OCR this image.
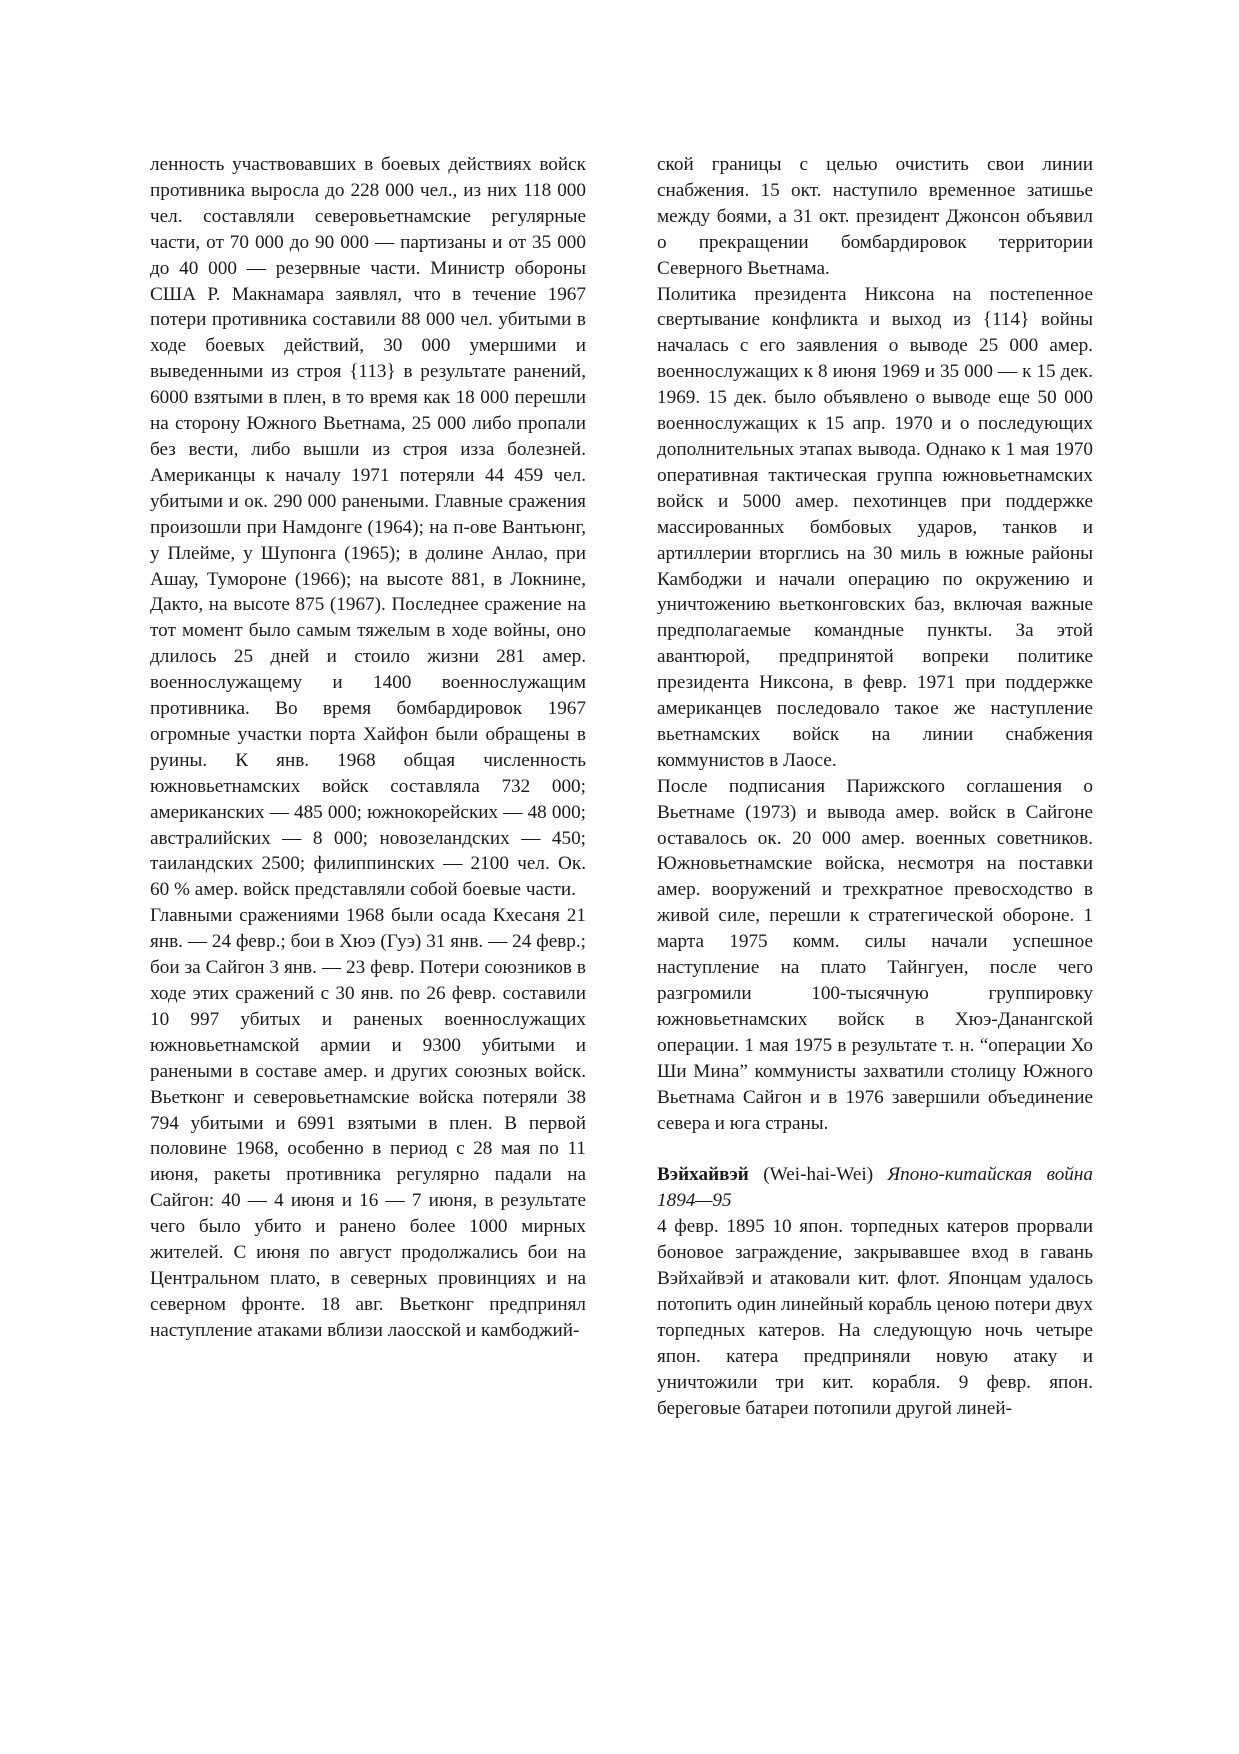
ленность участвовавших в боевых действиях войск противника выросла до 228 000 чел., из них 118 000 чел. составляли северовьетнамские регулярные части, от 70 000 до 90 000 — партизаны и от 35 000 до 40 000 — резервные части. Министр обороны США Р. Макнамара заявлял, что в течение 1967 потери противника составили 88 000 чел. убитыми в ходе боевых действий, 30 000 умершими и выведенными из строя {113} в результате ранений, 6000 взятыми в плен, в то время как 18 000 перешли на сторону Южного Вьетнама, 25 000 либо пропали без вести, либо вышли из строя изза болезней. Американцы к началу 1971 потеряли 44 459 чел. убитыми и ок. 290 000 ранеными. Главные сражения произошли при Намдонге (1964); на п-ове Вантьюнг, у Плейме, у Шупонга (1965); в долине Анлао, при Ашау, Тумороне (1966); на высоте 881, в Локнине, Дакто, на высоте 875 (1967). Последнее сражение на тот момент было самым тяжелым в ходе войны, оно длилось 25 дней и стоило жизни 281 амер. военнослужащему и 1400 военнослужащим противника. Во время бомбардировок 1967 огромные участки порта Хайфон были обращены в руины. К янв. 1968 общая численность южновьетнамских войск составляла 732 000; американских — 485 000; южнокорейских — 48 000; австралийских — 8 000; новозеландских — 450; таиландских 2500; филиппинских — 2100 чел. Ок. 60 % амер. войск представляли собой боевые части.

Главными сражениями 1968 были осада Кхесаня 21 янв. — 24 февр.; бои в Хюэ (Гуэ) 31 янв. — 24 февр.; бои за Сайгон 3 янв. — 23 февр. Потери союзников в ходе этих сражений с 30 янв. по 26 февр. составили 10 997 убитых и раненых военнослужащих южновьетнамской армии и 9300 убитыми и ранеными в составе амер. и других союзных войск. Вьетконг и северовьетнамские войска потеряли 38 794 убитыми и 6991 взятыми в плен. В первой половине 1968, особенно в период с 28 мая по 11 июня, ракеты противника регулярно падали на Сайгон: 40 — 4 июня и 16 — 7 июня, в результате чего было убито и ранено более 1000 мирных жителей. С июня по август продолжались бои на Центральном плато, в северных провинциях и на северном фронте. 18 авг. Вьетконг предпринял наступление атаками вблизи лаосской и камбоджий-

ской границы с целью очистить свои линии снабжения. 15 окт. наступило временное затишье между боями, а 31 окт. президент Джонсон объявил о прекращении бомбардировок территории Северного Вьетнама.

Политика президента Никсона на постепенное свертывание конфликта и выход из {114} войны началась с его заявления о выводе 25 000 амер. военнослужащих к 8 июня 1969 и 35 000 — к 15 дек. 1969. 15 дек. было объявлено о выводе еще 50 000 военнослужащих к 15 апр. 1970 и о последующих дополнительных этапах вывода. Однако к 1 мая 1970 оперативная тактическая группа южновьетнамских войск и 5000 амер. пехотинцев при поддержке массированных бомбовых ударов, танков и артиллерии вторглись на 30 миль в южные районы Камбоджи и начали операцию по окружению и уничтожению вьетконговских баз, включая важные предполагаемые командные пункты. За этой авантюрой, предпринятой вопреки политике президента Никсона, в февр. 1971 при поддержке американцев последовало такое же наступление вьетнамских войск на линии снабжения коммунистов в Лаосе.

После подписания Парижского соглашения о Вьетнаме (1973) и вывода амер. войск в Сайгоне оставалось ок. 20 000 амер. военных советников. Южновьетнамские войска, несмотря на поставки амер. вооружений и трехкратное превосходство в живой силе, перешли к стратегической обороне. 1 марта 1975 комм. силы начали успешное наступление на плато Тайнгуен, после чего разгромили 100-тысячную группировку южновьетнамских войск в Хюэ-Данангской операции. 1 мая 1975 в результате т. н. “операции Хо Ши Мина” коммунисты захватили столицу Южного Вьетнама Сайгон и в 1976 завершили объединение севера и юга страны.

Вэйхайвэй (Wei-hai-Wei) Японо-китайская война 1894—95

4 февр. 1895 10 япон. торпедных катеров прорвали боновое заграждение, закрывавшее вход в гавань Вэйхайвэй и атаковали кит. флот. Японцам удалось потопить один линейный корабль ценою потери двух торпедных катеров. На следующую ночь четыре япон. катера предприняли новую атаку и уничтожили три кит. корабля. 9 февр. япон. береговые батареи потопили другой линей-
